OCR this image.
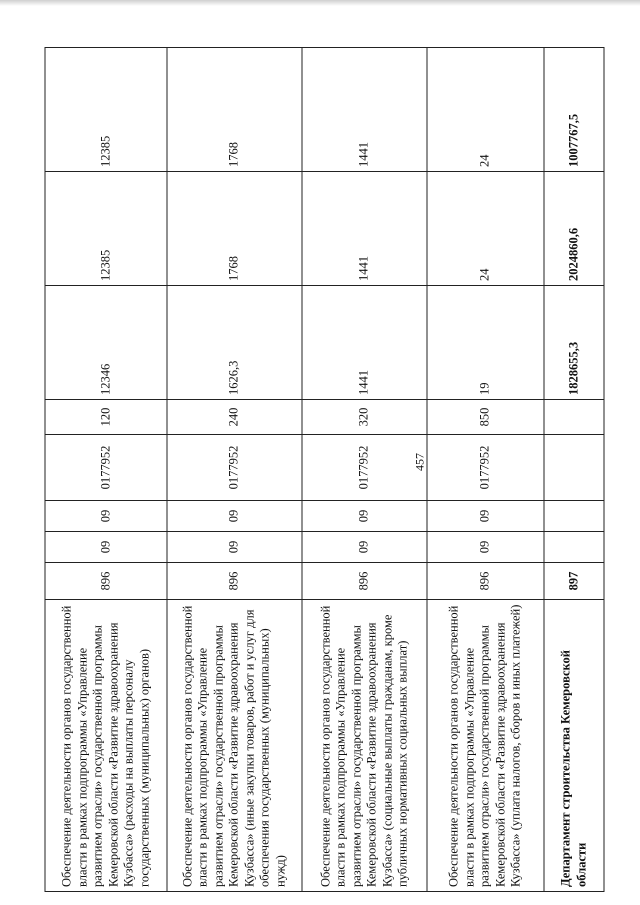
457
Обеспечение деятельности органов государственной власти в рамках подпрограммы «Управление развитием отрасли» государственной программы Кемеровской области «Развитие здравоохранения Кузбасса» (расходы на выплаты персоналу государственных (муниципальных) органов)	896	09	09	0177952	120	12346	12385	12385
Обеспечение деятельности органов государственной власти в рамках подпрограммы «Управление развитием отрасли» государственной программы Кемеровской области «Развитие здравоохранения Кузбасса» (иные закупки товаров, работ и услуг для обеспечения государственных (муниципальных) нужд)	896	09	09	0177952	240	1626,3	1768	1768
Обеспечение деятельности органов государственной власти в рамках подпрограммы «Управление развитием отрасли» государственной программы Кемеровской области «Развитие здравоохранения Кузбасса» (социальные выплаты гражданам, кроме публичных нормативных социальных выплат)	896	09	09	0177952	320	1441	1441	1441
Обеспечение деятельности органов государственной власти в рамках подпрограммы «Управление развитием отрасли» государственной программы Кемеровской области «Развитие здравоохранения Кузбасса» (уплата налогов, сборов и иных платежей)	896	09	09	0177952	850	19	24	24
Департамент строительства Кемеровской области	897					1828655,3	2024860,6	1007767,5
